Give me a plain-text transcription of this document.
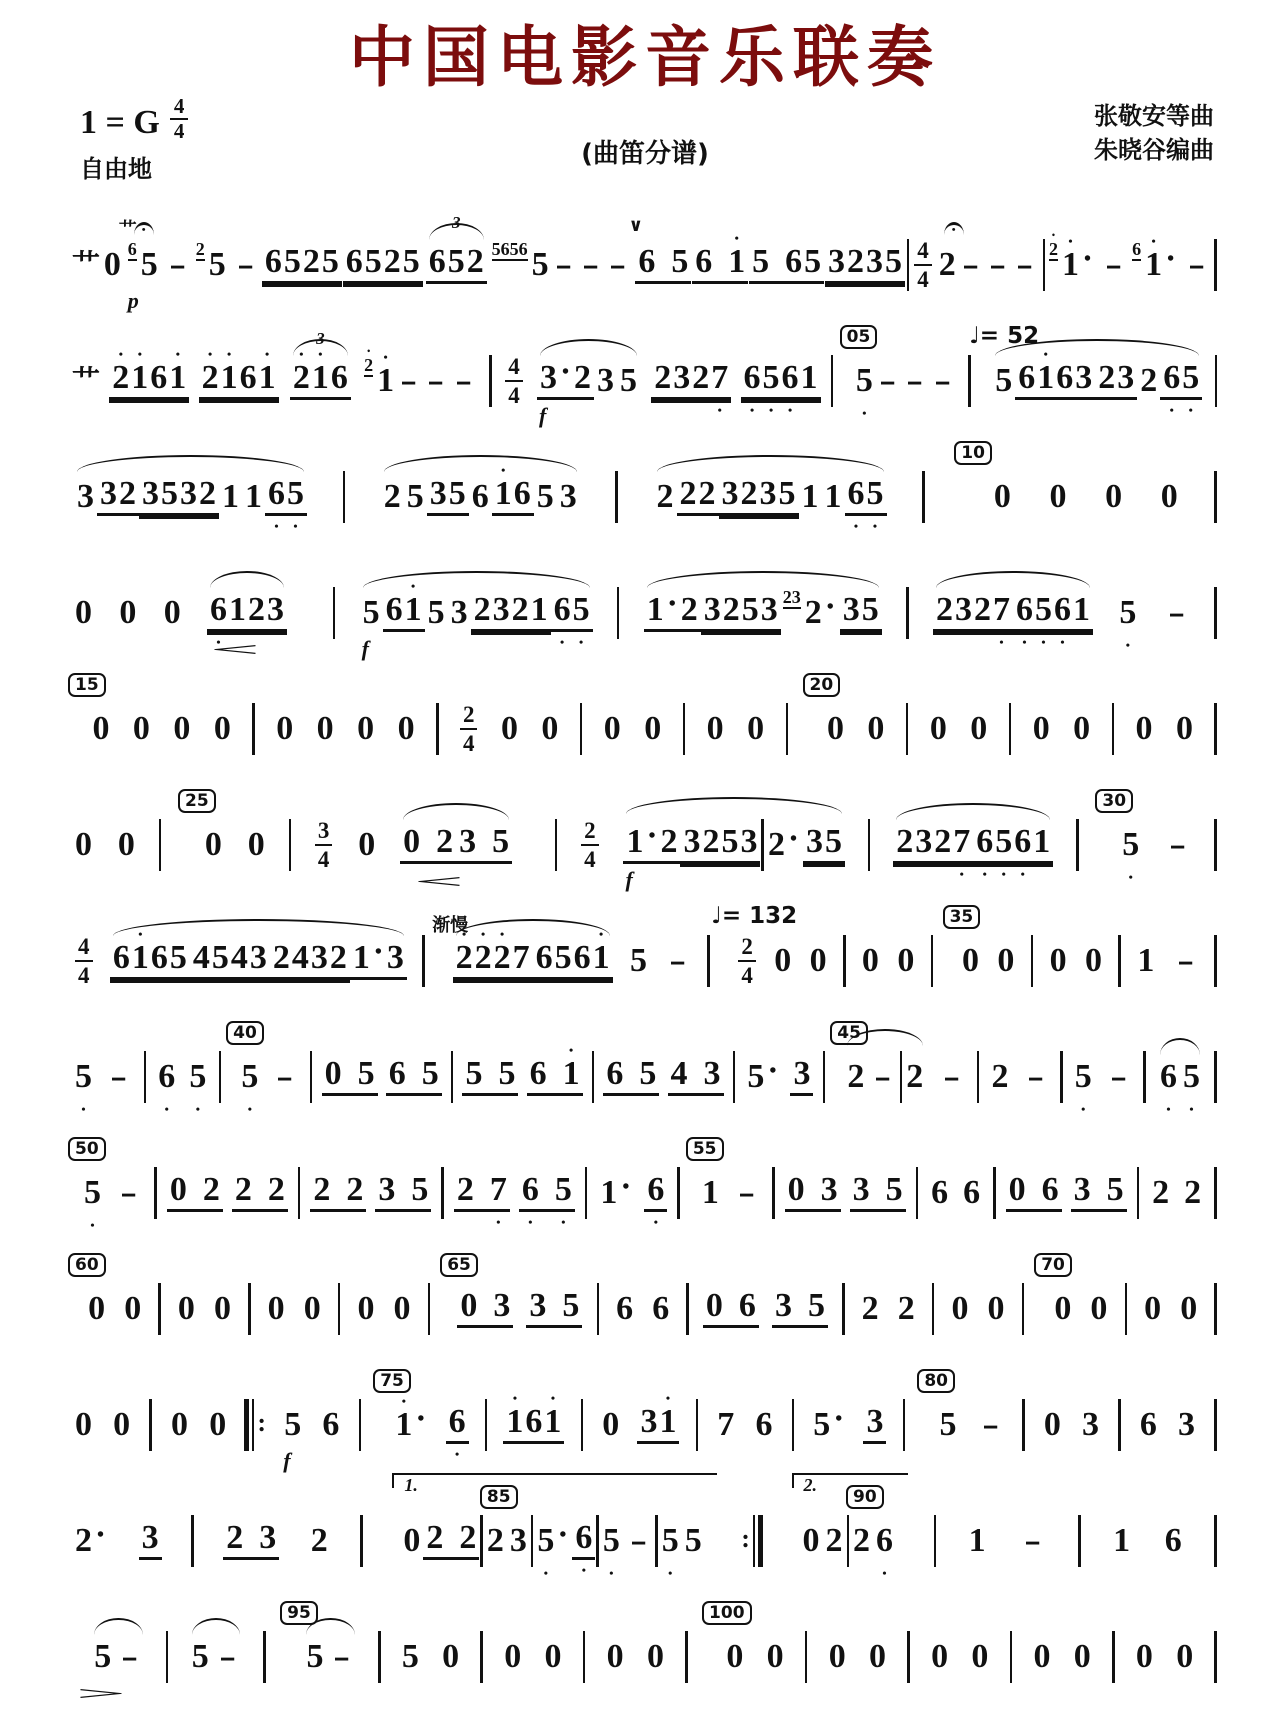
中国电影音乐联奏
1 = G $\frac{4}{4}$
自由地	(曲笛分谱)
张敬安等曲
朱晓谷编曲
艹 0
艹
6
• 5
p
- 2 5 - 6 5 2 5 6 5 2 5
3
6 5 2 5 6 5 6 5 - - -
∨
6
5 6
• 1 5
6 5 3 2 3 $5 \frac{4}{4}$
• 2 - - - • 2 • 1 • - 6 • 1 • -
艹 • 2 • 1 6 • 1 • 2 • 1 6 • 1
3
• 2 • 1 6 • 2 • 1 - - - $\frac{4}{4} 3$ • 2
f
3 5 2 3 2 7 • 6 • 5 • 6 • 1
05
5 • - - -
♩= 52
5 6 • 1 6 3 2 3 2 6 • 5 •
3 3 2 3 5 3 2 1 1 6 • 5 • 2 5 3 5 6 • 1 6 5 3 2 2 2 3 2 3 5 1 1 6 • 5 •
10
0 0 0 0
0 0 0 6 • 1 2 3
<
5
f
6 • 1 5 3 2 3 2 1 6 • 5 • 1 • 2 3 2 5 3 2 3 2 • 3 5 2 3 2 7 • 6 • 5 • 6 • 1 5 • -
15
0 0 0 0 0 0 0 $0 \frac{2}{4} 0$ 0 0 0 0 0
20
0 0 0 0 0 0 0 0
0 0
25
0 $0 \frac{3}{4} 0$ 0
2 3
5
<
$\frac{2}{4} 1$ • 2
f
3 2 5 3 2 • 3 5 2 3 2 7 • 6 • 5 • 6 • 1
30
5 • -
$\frac{4}{4} 6$ • 1 6 5 4 5 4 3 2 4 3 2 1 • 3
渐慢
• 2 • 2 • 2 7 6 5 6 • 1 5 -
♩= 132
$\frac{2}{4} 0$ 0 0 0
35
0 0 0 0 1 -
5 • - 6 • 5 •
40
5 • - 0
5 6
5 5
5 6
• 1 6
5 4
3 5 • 3
45
2 - 2 - 2 - 5 • - 6 • 5 •
50
5 • - 0
2 2
2 2
2 3
5 2
7 • 6 •
5 • 1 • 6 •
55
1 - 0
3 3
5 6 6 0
6 3
5 2 2
60
0 0 0 0 0 0 0 0
65
0
3 3
5 6 6 0
6 3
5 2 2 0 0
70
0 0 0 0
0 0 0 0 : 5
f
6
75
• 1 • 6 • • 1 6 • 1 0 3 • 1 7 6 5 • 3
80
5 - 0 3 6 3
2 • 3 2
3 2
1.
0 2
2
85
2 3 5 • • 6 • 5 • - 5 • 5 :
2.
0 2
90
2 6 • 1 - 1 6
>
5 - 5 -
95
5 - 5 0 0 0 0 0
100
0 0 0 0 0 0 0 0 0 0
